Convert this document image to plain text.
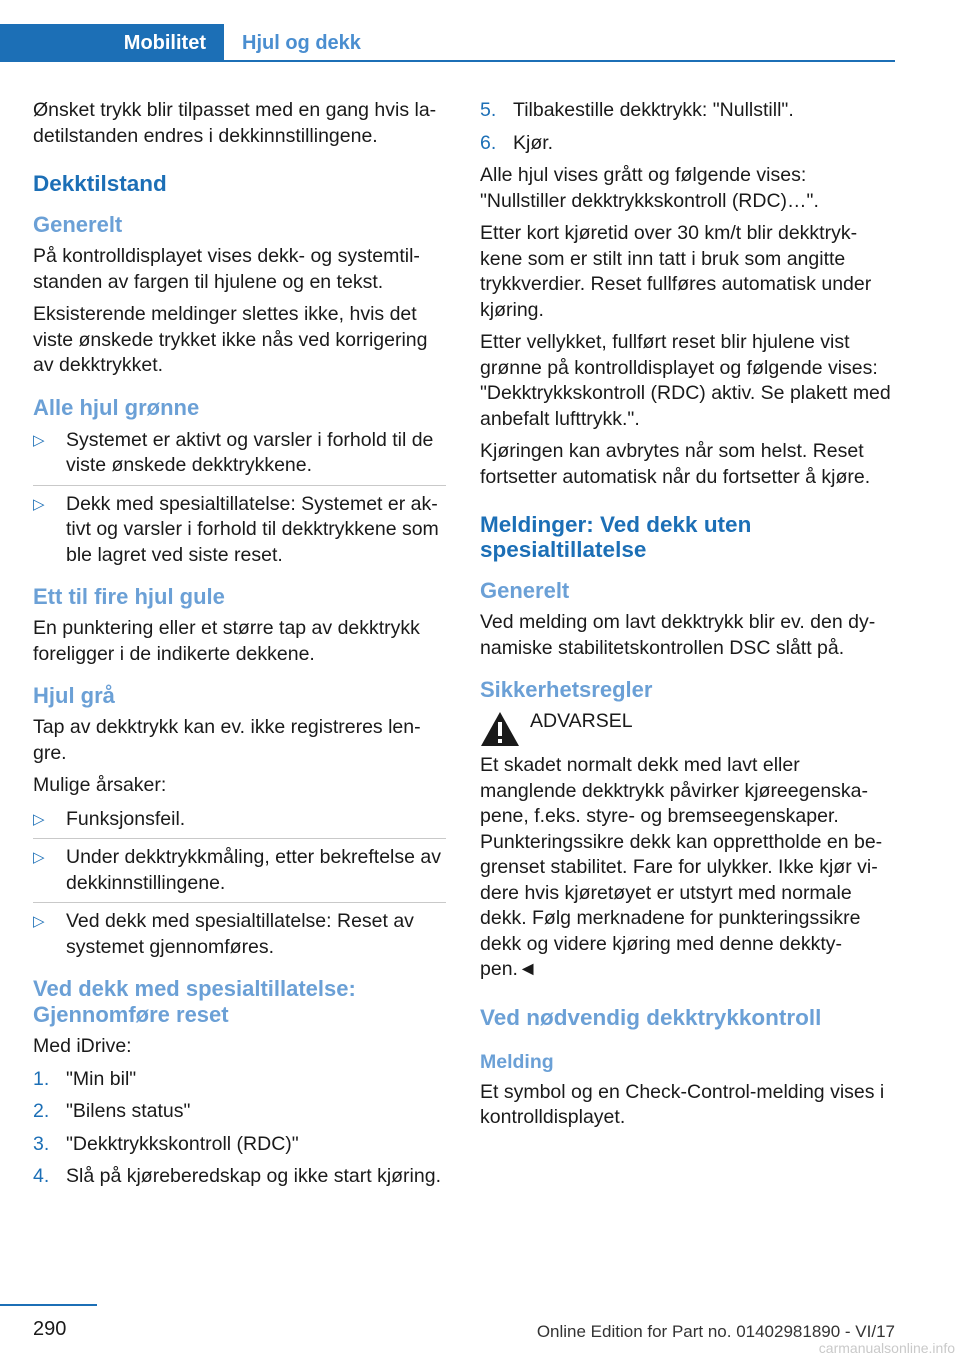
Mobilitet	Hjul og dekk

Ønsket trykk blir tilpasset med en gang hvis la-detilstanden endres i dekkinnstillingene.

Dekktilstand
Generelt

På kontrolldisplayet vises dekk- og systemtil-standen av fargen til hjulene og en tekst.

Eksisterende meldinger slettes ikke, hvis det viste ønskede trykket ikke nås ved korrigering av dekktrykket.

Alle hjul grønne
▷ Systemet er aktivt og varsler i forhold til de viste ønskede dekktrykkene.
▷ Dekk med spesialtillatelse: Systemet er ak-tivt og varsler i forhold til dekktrykkene som ble lagret ved siste reset.
Ett til fire hjul gule

En punktering eller et større tap av dekktrykk foreligger i de indikerte dekkene.

Hjul grå

Tap av dekktrykk kan ev. ikke registreres len-gre.

Mulige årsaker:

▷ Funksjonsfeil.
▷ Under dekktrykkmåling, etter bekreftelse av dekkinnstillingene.
▷ Ved dekk med spesialtillatelse: Reset av systemet gjennomføres.
Ved dekk med spesialtillatelse: Gjennomføre reset

Med iDrive:

1. "Min bil"
2. "Bilens status"
3. "Dekktrykkskontroll (RDC)"
4. Slå på kjøreberedskap og ikke start kjøring.
5. Tilbakestille dekktrykk: "Nullstill".
6. Kjør.

Alle hjul vises grått og følgende vises: "Nullstiller dekktrykkskontroll (RDC)…".

Etter kort kjøretid over 30 km/t blir dekktryk-kene som er stilt inn tatt i bruk som angitte trykkverdier. Reset fullføres automatisk under kjøring.

Etter vellykket, fullført reset blir hjulene vist grønne på kontrolldisplayet og følgende vises: "Dekktrykkskontroll (RDC) aktiv. Se plakett med anbefalt lufttrykk.".

Kjøringen kan avbrytes når som helst. Reset fortsetter automatisk når du fortsetter å kjøre.

Meldinger: Ved dekk uten spesialtillatelse
Generelt

Ved melding om lavt dekktrykk blir ev. den dy-namiske stabilitetskontrollen DSC slått på.

Sikkerhetsregler
ADVARSEL

Et skadet normalt dekk med lavt eller manglende dekktrykk påvirker kjøreegenska-pene, f.eks. styre- og bremseegenskaper. Punkteringssikre dekk kan opprettholde en be-grenset stabilitet. Fare for ulykker. Ikke kjør vi-dere hvis kjøretøyet er utstyrt med normale dekk. Følg merknadene for punkteringssikre dekk og videre kjøring med denne dekkty-pen.◄

Ved nødvendig dekktrykkontroll
Melding

Et symbol og en Check-Control-melding vises i kontrolldisplayet.

290	Online Edition for Part no. 01402981890 - VI/17
carmanualsonline.info
